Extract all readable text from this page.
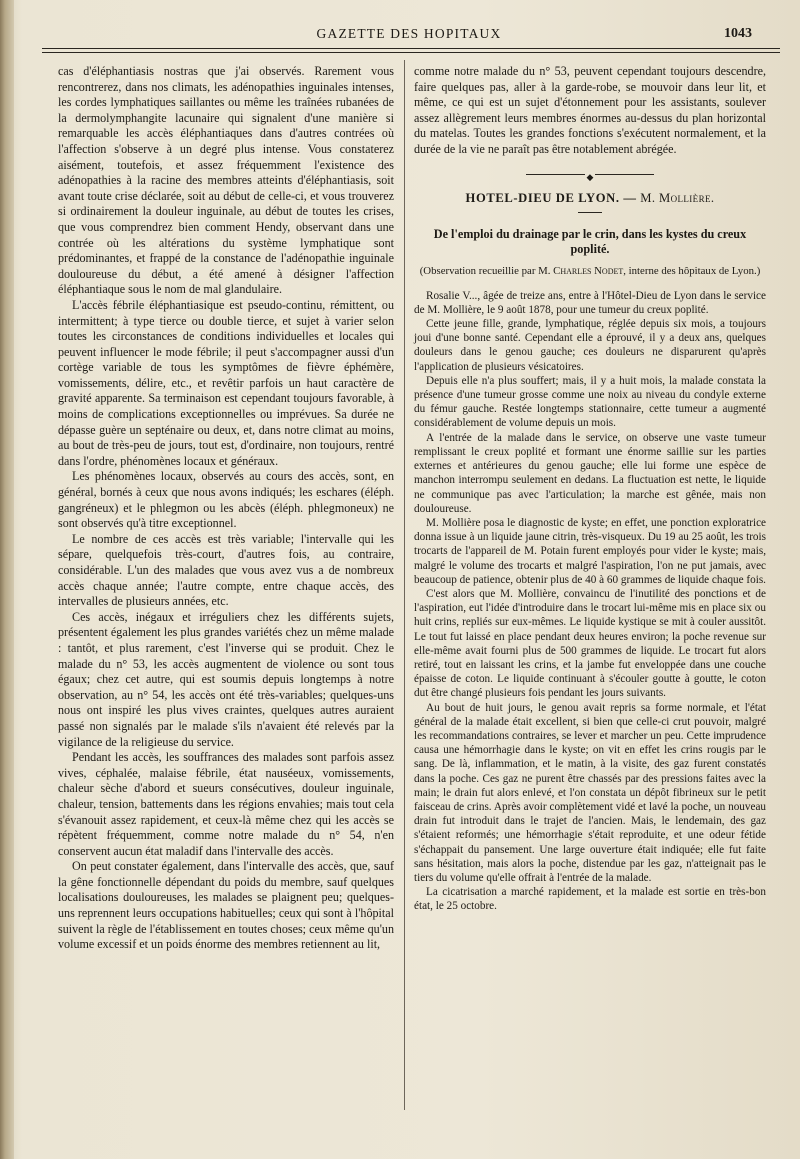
GAZETTE DES HOPITAUX	1043

cas d'éléphantiasis nostras que j'ai observés. Rarement vous rencontrerez, dans nos climats, les adénopathies inguinales intenses, les cordes lymphatiques saillantes ou même les traînées rubanées de la dermolymphangite lacunaire qui signalent d'une manière si remarquable les accès éléphantiaques dans d'autres contrées où l'affection s'observe à un degré plus intense. Vous constaterez aisément, toutefois, et assez fréquemment l'existence des adénopathies à la racine des membres atteints d'éléphantiasis, soit avant toute crise déclarée, soit au début de celle-ci, et vous trouverez si ordinairement la douleur inguinale, au début de toutes les crises, que vous comprendrez bien comment Hendy, observant dans une contrée où les altérations du système lymphatique sont prédominantes, et frappé de la constance de l'adénopathie inguinale douloureuse du début, a été amené à désigner l'affection éléphantiaque sous le nom de mal glandulaire.

L'accès fébrile éléphantiasique est pseudo-continu, rémittent, ou intermittent; à type tierce ou double tierce, et sujet à varier selon toutes les circonstances de conditions individuelles et locales qui peuvent influencer le mode fébrile; il peut s'accompagner aussi d'un cortège variable de tous les symptômes de fièvre éphémère, vomissements, délire, etc., et revêtir parfois un haut caractère de gravité apparente. Sa terminaison est cependant toujours favorable, à moins de complications exceptionnelles ou imprévues. Sa durée ne dépasse guère un septénaire ou deux, et, dans notre climat au moins, au bout de très-peu de jours, tout est, d'ordinaire, non toujours, rentré dans l'ordre, phénomènes locaux et généraux.

Les phénomènes locaux, observés au cours des accès, sont, en général, bornés à ceux que nous avons indiqués; les eschares (éléph. gangréneux) et le phlegmon ou les abcès (éléph. phlegmoneux) ne sont observés qu'à titre exceptionnel.

Le nombre de ces accès est très variable; l'intervalle qui les sépare, quelquefois très-court, d'autres fois, au contraire, considérable. L'un des malades que vous avez vus a de nombreux accès chaque année; l'autre compte, entre chaque accès, des intervalles de plusieurs années, etc.

Ces accès, inégaux et irréguliers chez les différents sujets, présentent également les plus grandes variétés chez un même malade : tantôt, et plus rarement, c'est l'inverse qui se produit. Chez le malade du n° 53, les accès augmentent de violence ou sont tous égaux; chez cet autre, qui est soumis depuis longtemps à notre observation, au n° 54, les accès ont été très-variables; quelques-uns nous ont inspiré les plus vives craintes, quelques autres auraient passé non signalés par le malade s'ils n'avaient été relevés par la vigilance de la religieuse du service.

Pendant les accès, les souffrances des malades sont parfois assez vives, céphalée, malaise fébrile, état nauséeux, vomissements, chaleur sèche d'abord et sueurs consécutives, douleur inguinale, chaleur, tension, battements dans les régions envahies; mais tout cela s'évanouit assez rapidement, et ceux-là même chez qui les accès se répètent fréquemment, comme notre malade du n° 54, n'en conservent aucun état maladif dans l'intervalle des accès.

On peut constater également, dans l'intervalle des accès, que, sauf la gêne fonctionnelle dépendant du poids du membre, sauf quelques localisations douloureuses, les malades se plaignent peu; quelques-uns reprennent leurs occupations habituelles; ceux qui sont à l'hôpital suivent la règle de l'établissement en toutes choses; ceux même qu'un volume excessif et un poids énorme des membres retiennent au lit,

comme notre malade du n° 53, peuvent cependant toujours descendre, faire quelques pas, aller à la garde-robe, se mouvoir dans leur lit, et même, ce qui est un sujet d'étonnement pour les assistants, soulever assez allègrement leurs membres énormes au-dessus du plan horizontal du matelas. Toutes les grandes fonctions s'exécutent normalement, et la durée de la vie ne paraît pas être notablement abrégée.

◆
HOTEL-DIEU DE LYON. — M. Mollière.
De l'emploi du drainage par le crin, dans les kystes du creux poplité.
(Observation recueillie par M. Charles Nodet, interne des hôpitaux de Lyon.)

Rosalie V..., âgée de treize ans, entre à l'Hôtel-Dieu de Lyon dans le service de M. Mollière, le 9 août 1878, pour une tumeur du creux poplité.

Cette jeune fille, grande, lymphatique, réglée depuis six mois, a toujours joui d'une bonne santé. Cependant elle a éprouvé, il y a deux ans, quelques douleurs dans le genou gauche; ces douleurs ne disparurent qu'après l'application de plusieurs vésicatoires.

Depuis elle n'a plus souffert; mais, il y a huit mois, la malade constata la présence d'une tumeur grosse comme une noix au niveau du condyle externe du fémur gauche. Restée longtemps stationnaire, cette tumeur a augmenté considérablement de volume depuis un mois.

A l'entrée de la malade dans le service, on observe une vaste tumeur remplissant le creux poplité et formant une énorme saillie sur les parties externes et antérieures du genou gauche; elle lui forme une espèce de manchon interrompu seulement en dedans. La fluctuation est nette, le liquide ne communique pas avec l'articulation; la marche est gênée, mais non douloureuse.

M. Mollière posa le diagnostic de kyste; en effet, une ponction exploratrice donna issue à un liquide jaune citrin, très-visqueux. Du 19 au 25 août, les trois trocarts de l'appareil de M. Potain furent employés pour vider le kyste; mais, malgré le volume des trocarts et malgré l'aspiration, l'on ne put jamais, avec beaucoup de patience, obtenir plus de 40 à 60 grammes de liquide chaque fois.

C'est alors que M. Mollière, convaincu de l'inutilité des ponctions et de l'aspiration, eut l'idée d'introduire dans le trocart lui-même mis en place six ou huit crins, repliés sur eux-mêmes. Le liquide kystique se mit à couler aussitôt. Le tout fut laissé en place pendant deux heures environ; la poche revenue sur elle-même avait fourni plus de 500 grammes de liquide. Le trocart fut alors retiré, tout en laissant les crins, et la jambe fut enveloppée dans une couche épaisse de coton. Le liquide continuant à s'écouler goutte à goutte, le coton dut être changé plusieurs fois pendant les jours suivants.

Au bout de huit jours, le genou avait repris sa forme normale, et l'état général de la malade était excellent, si bien que celle-ci crut pouvoir, malgré les recommandations contraires, se lever et marcher un peu. Cette imprudence causa une hémorrhagie dans le kyste; on vit en effet les crins rougis par le sang. De là, inflammation, et le matin, à la visite, des gaz furent constatés dans la poche. Ces gaz ne purent être chassés par des pressions faites avec la main; le drain fut alors enlevé, et l'on constata un dépôt fibrineux sur le petit faisceau de crins. Après avoir complètement vidé et lavé la poche, un nouveau drain fut introduit dans le trajet de l'ancien. Mais, le lendemain, des gaz s'étaient reformés; une hémorrhagie s'était reproduite, et une odeur fétide s'échappait du pansement. Une large ouverture était indiquée; elle fut faite sans hésitation, mais alors la poche, distendue par les gaz, n'atteignait pas le tiers du volume qu'elle offrait à l'entrée de la malade.

La cicatrisation a marché rapidement, et la malade est sortie en très-bon état, le 25 octobre.
